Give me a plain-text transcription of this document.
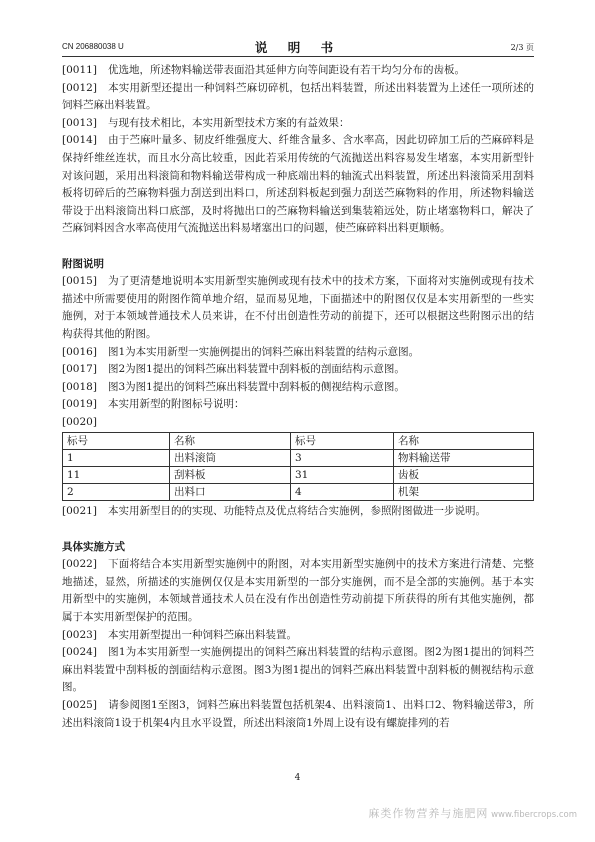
CN 206880038 U	说 明 书	2/3 页

[0011] 优选地，所述物料输送带表面沿其延伸方向等间距设有若干均匀分布的齿板。

[0012] 本实用新型还提出一种饲料苎麻切碎机，包括出料装置，所述出料装置为上述任一项所述的饲料苎麻出料装置。

[0013] 与现有技术相比，本实用新型技术方案的有益效果：

[0014] 由于苎麻叶量多、韧皮纤维强度大、纤维含量多、含水率高，因此切碎加工后的苎麻碎料是保持纤维丝连状，而且水分高比较重，因此若采用传统的气流抛送出料容易发生堵塞，本实用新型针对该问题，采用出料滚筒和物料输送带构成一种底端出料的轴流式出料装置，所述出料滚筒采用刮料板将切碎后的苎麻物料强力刮送到出料口，所述刮料板起到强力刮送苎麻物料的作用，所述物料输送带设于出料滚筒出料口底部，及时将抛出口的苎麻物料输送到集装箱远处，防止堵塞物料口，解决了苎麻饲料因含水率高使用气流抛送出料易堵塞出口的问题，使苎麻碎料出料更顺畅。

附图说明

[0015] 为了更清楚地说明本实用新型实施例或现有技术中的技术方案，下面将对实施例或现有技术描述中所需要使用的附图作简单地介绍，显而易见地，下面描述中的附图仅仅是本实用新型的一些实施例，对于本领域普通技术人员来讲，在不付出创造性劳动的前提下，还可以根据这些附图示出的结构获得其他的附图。

[0016] 图1为本实用新型一实施例提出的饲料苎麻出料装置的结构示意图。

[0017] 图2为图1提出的饲料苎麻出料装置中刮料板的剖面结构示意图。

[0018] 图3为图1提出的饲料苎麻出料装置中刮料板的侧视结构示意图。

[0019] 本实用新型的附图标号说明：

[0020]

标号	名称	标号	名称
1	出料滚筒	3	物料输送带
11	刮料板	31	齿板
2	出料口	4	机架

[0021] 本实用新型目的的实现、功能特点及优点将结合实施例，参照附图做进一步说明。

具体实施方式

[0022] 下面将结合本实用新型实施例中的附图，对本实用新型实施例中的技术方案进行清楚、完整地描述，显然，所描述的实施例仅仅是本实用新型的一部分实施例，而不是全部的实施例。基于本实用新型中的实施例，本领域普通技术人员在没有作出创造性劳动前提下所获得的所有其他实施例，都属于本实用新型保护的范围。

[0023] 本实用新型提出一种饲料苎麻出料装置。

[0024] 图1为本实用新型一实施例提出的饲料苎麻出料装置的结构示意图。图2为图1提出的饲料苎麻出料装置中刮料板的剖面结构示意图。图3为图1提出的饲料苎麻出料装置中刮料板的侧视结构示意图。

[0025] 请参阅图1至图3，饲料苎麻出料装置包括机架4、出料滚筒1、出料口2、物料输送带3，所述出料滚筒1设于机架4内且水平设置，所述出料滚筒1外周上设有设有螺旋排列的若

4
麻类作物营养与施肥网 www.fibercrops.com
